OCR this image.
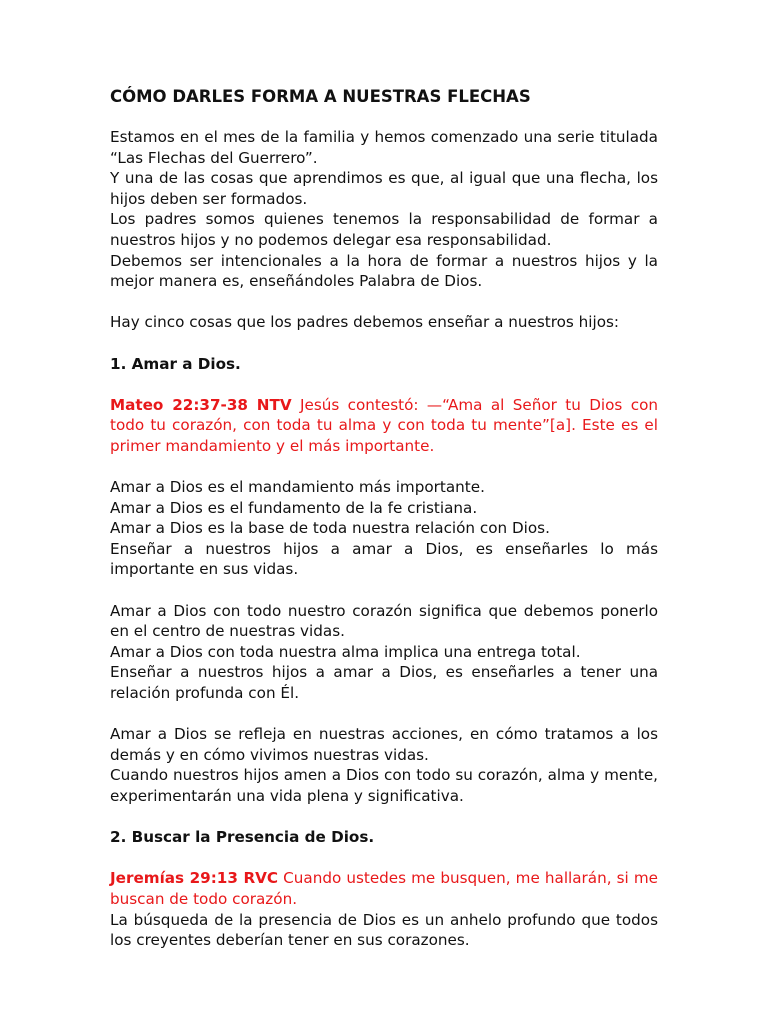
CÓMO DARLES FORMA A NUESTRAS FLECHAS
Estamos en el mes de la familia y hemos comenzado una serie titulada “Las Flechas del Guerrero”.
Y una de las cosas que aprendimos es que, al igual que una flecha, los hijos deben ser formados.
Los padres somos quienes tenemos la responsabilidad de formar a nuestros hijos y no podemos delegar esa responsabilidad.
Debemos ser intencionales a la hora de formar a nuestros hijos y la mejor manera es, enseñándoles Palabra de Dios.

Hay cinco cosas que los padres debemos enseñar a nuestros hijos:

1. Amar a Dios.

Mateo 22:37-38 NTV Jesús contestó: —“Ama al Señor tu Dios con todo tu corazón, con toda tu alma y con toda tu mente”[a]. Este es el primer mandamiento y el más importante.

Amar a Dios es el mandamiento más importante.
Amar a Dios es el fundamento de la fe cristiana.
Amar a Dios es la base de toda nuestra relación con Dios.
Enseñar a nuestros hijos a amar a Dios, es enseñarles lo más importante en sus vidas.
Amar a Dios con todo nuestro corazón significa que debemos ponerlo en el centro de nuestras vidas.
Amar a Dios con toda nuestra alma implica una entrega total.
Enseñar a nuestros hijos a amar a Dios, es enseñarles a tener una relación profunda con Él.
Amar a Dios se refleja en nuestras acciones, en cómo tratamos a los demás y en cómo vivimos nuestras vidas.
Cuando nuestros hijos amen a Dios con todo su corazón, alma y mente, experimentarán una vida plena y significativa.

2. Buscar la Presencia de Dios.

Jeremías 29:13 RVC Cuando ustedes me busquen, me hallarán, si me buscan de todo corazón.

La búsqueda de la presencia de Dios es un anhelo profundo que todos los creyentes deberían tener en sus corazones.
